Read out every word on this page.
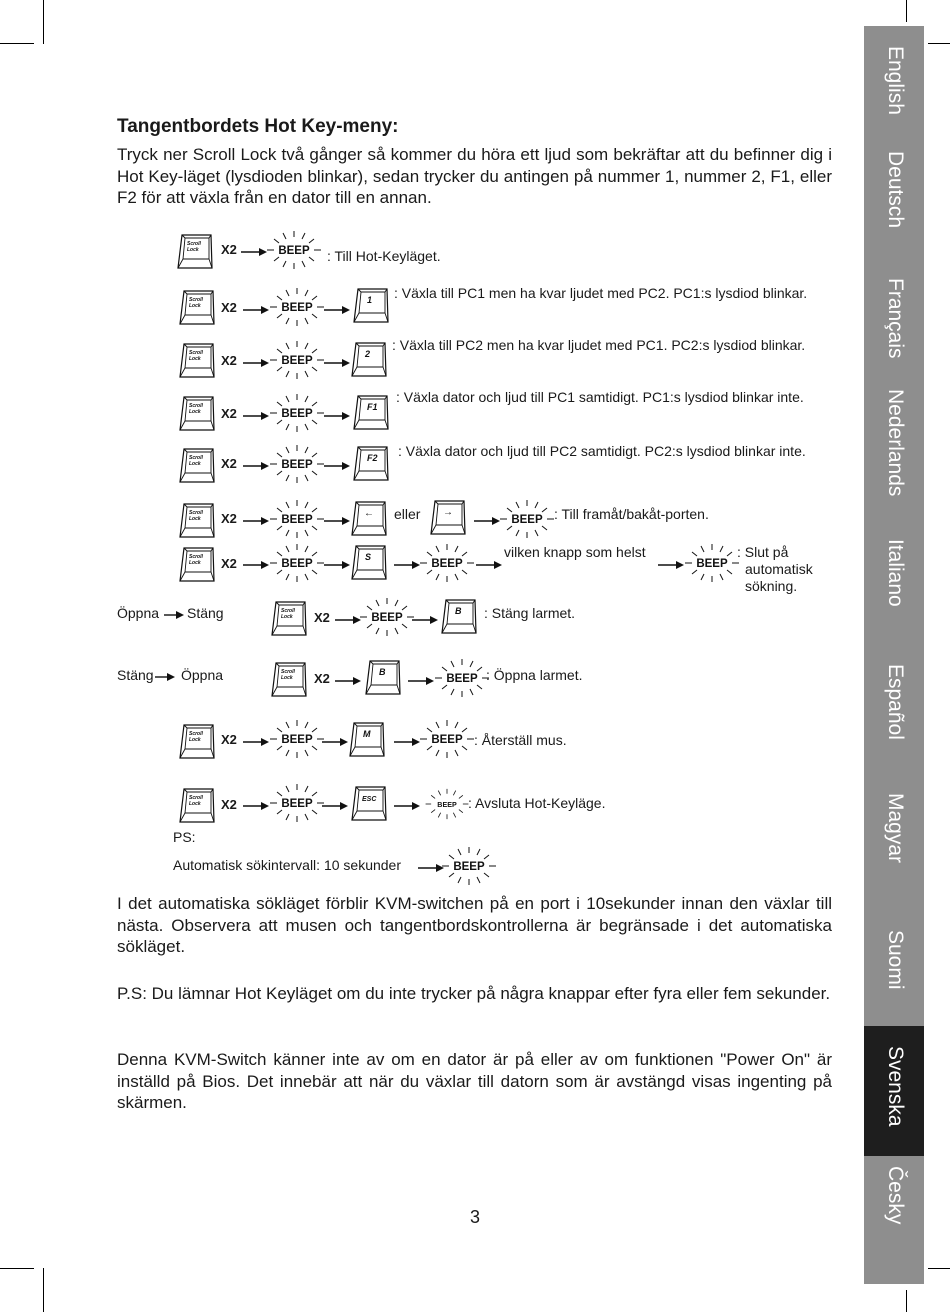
Tangentbordets Hot Key-meny:

Tryck ner Scroll Lock två gånger så kommer du höra ett ljud som bekräftar att du befinner dig i Hot Key-läget (lysdioden blinkar), sedan trycker du antingen på nummer 1, nummer 2, F1, eller F2 för att växla från en dator till en annan.

Scroll
Lock X2	BEEP : Till Hot-Keyläget.
Scroll
Lock X2	BEEP
1 : Växla till PC1 men ha kvar ljudet med PC2. PC1:s lysdiod blinkar.
Scroll
Lock X2	BEEP
2
: Växla till PC2 men ha kvar ljudet med PC1. PC2:s lysdiod blinkar.
Scroll
Lock X2	BEEP
F1
: Växla dator och ljud till PC1 samtidigt. PC1:s lysdiod blinkar inte.
Scroll
Lock X2	BEEP
F2 : Växla dator och ljud till PC2 samtidigt. PC2:s lysdiod blinkar inte.
Scroll
Lock X2	BEEP
← eller →
BEEP : Till framåt/bakåt-porten.
Scroll
Lock X2	BEEP
S
BEEP
vilken knapp som helst
BEEP
: Slut på
automatisk
sökning.
Öppna Stäng	Scroll
Lock X2	BEEP
B : Stäng larmet.
Stäng Öppna	Scroll
Lock X2	B
BEEP : Öppna larmet.
Scroll
Lock X2	BEEP	M	BEEP : Återställ mus.
Scroll
Lock X2	BEEP	ESC
BEEP : Avsluta Hot-Keyläge.
PS:
Automatisk sökintervall: 10 sekunder	BEEP

I det automatiska sökläget förblir KVM-switchen på en port i 10sekunder innan den växlar till nästa. Observera att musen och tangentbordskontrollerna är begränsade i det automatiska sökläget.

P.S: Du lämnar Hot Keyläget om du inte trycker på några knappar efter fyra eller fem sekunder.

Denna KVM-Switch känner inte av om en dator är på eller av om funktionen "Power On" är inställd på Bios. Det innebär att när du växlar till datorn som är avstängd visas ingenting på skärmen.

3
English
Deutsch
Français
Nederlands
Italiano
Español
Magyar
Suomi
Svenska
Česky
